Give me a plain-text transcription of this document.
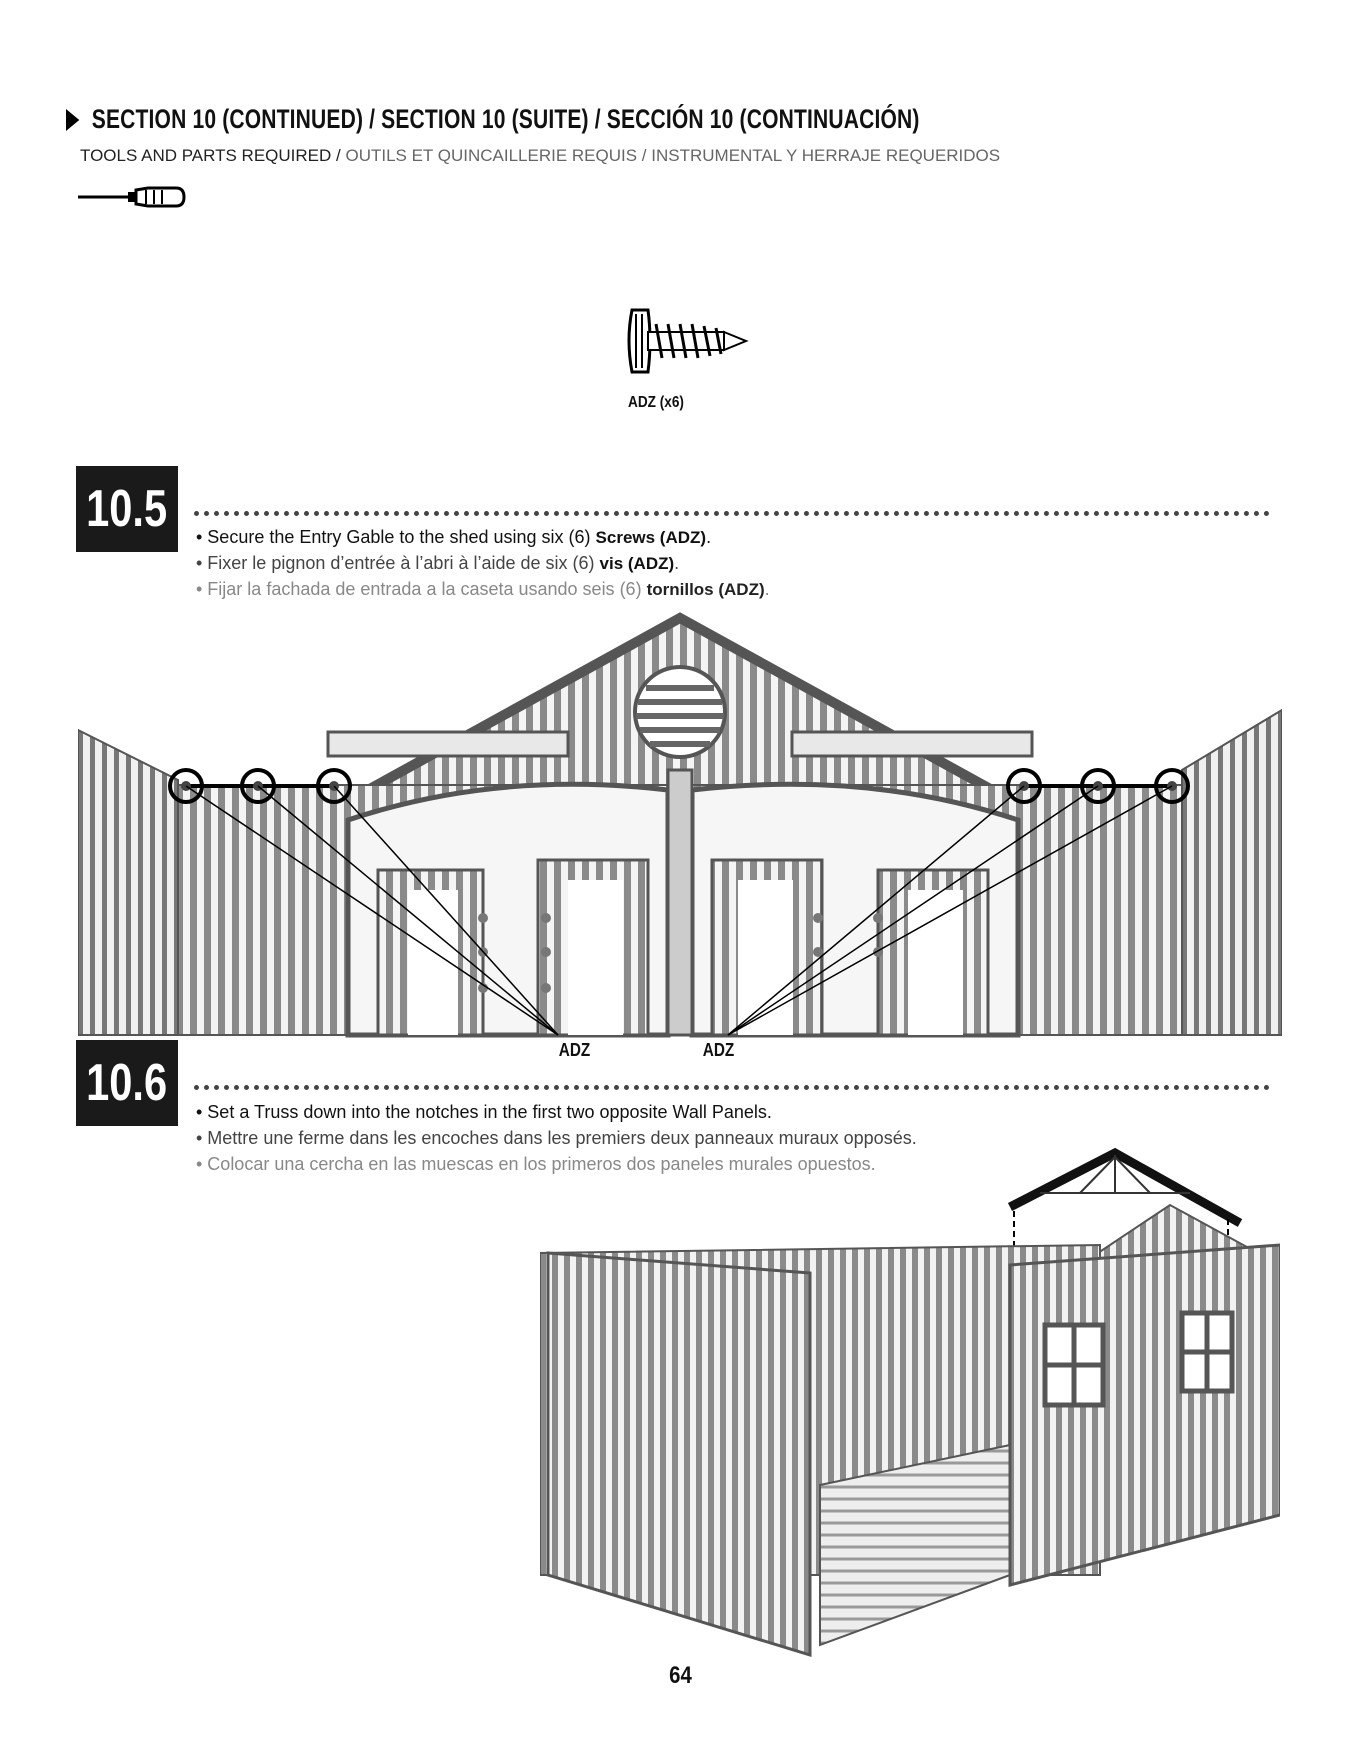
SECTION 10 (CONTINUED) / SECTION 10 (SUITE) / SECCIÓN 10 (CONTINUACIÓN)
TOOLS AND PARTS REQUIRED / OUTILS ET QUINCAILLERIE REQUIS / INSTRUMENTAL Y HERRAJE REQUERIDOS
ADZ (x6)
10.5 • Secure the Entry Gable to the shed using six (6) Screws (ADZ).
• Fixer le pignon d’entrée à l’abri à l’aide de six (6) vis (ADZ).
• Fijar la fachada de entrada a la caseta usando seis (6) tornillos (ADZ).
ADZ	ADZ
10.6 • Set a Truss down into the notches in the first two opposite Wall Panels.
• Mettre une ferme dans les encoches dans les premiers deux panneaux muraux opposés.
• Colocar una cercha en las muescas en los primeros dos paneles murales opuestos.
64
